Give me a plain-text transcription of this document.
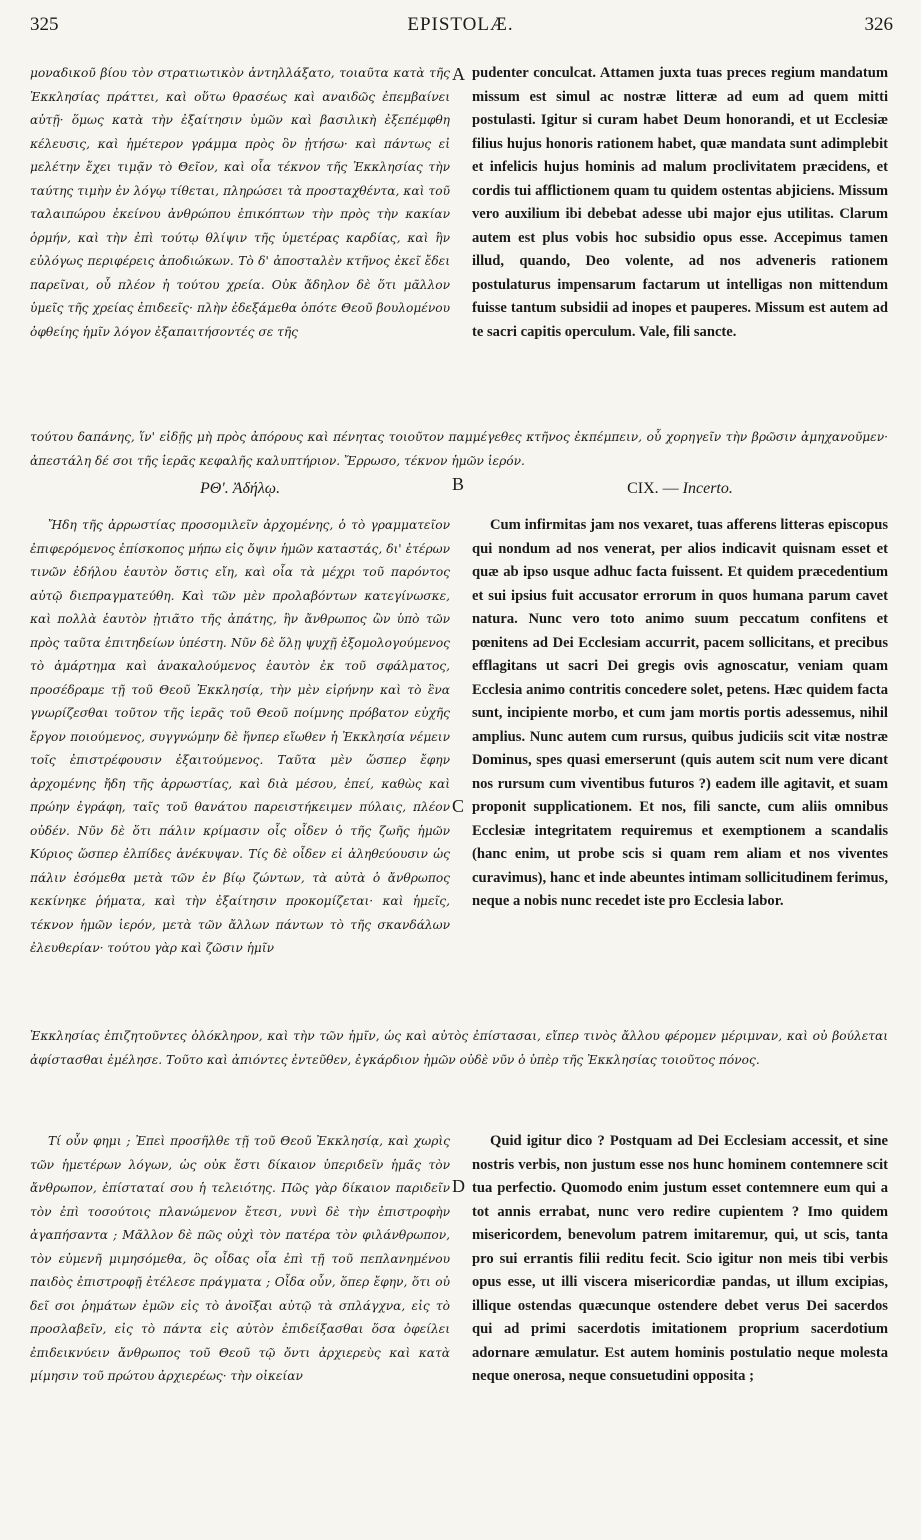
325	EPISTOLÆ.	326

μοναδικοῦ βίου τὸν στρατιωτικὸν ἀντηλλάξατο, τοιαῦτα κατὰ τῆς Ἐκκλησίας πράττει, καὶ οὕτω θρασέως καὶ αναιδῶς ἐπεμβαίνει αὐτῇ· ὅμως κατὰ τὴν ἐξαίτησιν ὑμῶν καὶ βασιλικὴ ἐξεπέμφθη κέλευσις, καὶ ἡμέτερον γράμμα πρὸς ὃν ᾐτήσω· καὶ πάντως εἰ μελέτην ἔχει τιμᾷν τὸ Θεῖον, καὶ οἷα τέκνον τῆς Ἐκκλησίας τὴν ταύτης τιμὴν ἐν λόγῳ τίθεται, πληρώσει τὰ προσταχθέντα, καὶ τοῦ ταλαιπώρου ἐκείνου ἀνθρώπου ἐπικόπτων τὴν πρὸς τὴν κακίαν ὁρμήν, καὶ τὴν ἐπὶ τούτῳ θλίψιν τῆς ὑμετέρας καρδίας, καὶ ἣν εὐλόγως περιφέρεις ἀποδιώκων. Τὸ δ' ἀποσταλὲν κτῆνος ἐκεῖ ἔδει παρεῖναι, οὗ πλέον ἡ τούτου χρεία. Οὐκ ἄδηλον δὲ ὅτι μᾶλλον ὑμεῖς τῆς χρείας ἐπιδεεῖς· πλὴν ἐδεξάμεθα ὁπότε Θεοῦ βουλομένου ὀφθείης ἡμῖν λόγον ἐξαπαιτήσοντές σε τῆς

A pudenter conculcat. Attamen juxta tuas preces regium mandatum missum est simul ac nostræ litteræ ad eum ad quem mitti postulasti. Igitur si curam habet Deum honorandi, et ut Ecclesiæ filius hujus honoris rationem habet, quæ mandata sunt adimplebit et infelicis hujus hominis ad malum proclivitatem præcidens, et cordis tui afflictionem quam tu quidem ostentas abjiciens. Missum vero auxilium ibi debebat adesse ubi major ejus utilitas. Clarum autem est plus vobis hoc subsidio opus esse. Accepimus tamen illud, quando, Deo volente, ad nos adveneris rationem postulaturus impensarum factarum ut intelligas non mittendum fuisse tantum subsidii ad inopes et pauperes. Missum est autem ad te sacri capitis operculum. Vale, fili sancte.

τούτου δαπάνης, ἵν' εἰδῇς μὴ πρὸς ἀπόρους καὶ πένητας τοιοῦτον παμμέγεθες κτῆνος ἐκπέμπειν, οὗ χορηγεῖν τὴν βρῶσιν ἀμηχανοῦμεν· ἀπεστάλη δέ σοι τῆς ἱερᾶς κεφαλῆς καλυπτήριον. Ἔρρωσο, τέκνον ἡμῶν ἱερόν.

ΡΘ'. Ἀδήλῳ.	B	CIX. — Incerto.

Ἤδη τῆς ἀρρωστίας προσομιλεῖν ἀρχομένης, ὁ τὸ γραμματεῖον ἐπιφερόμενος ἐπίσκοπος μήπω εἰς ὄψιν ἡμῶν καταστάς, δι' ἑτέρων τινῶν ἐδήλου ἑαυτὸν ὅστις εἴη, καὶ οἷα τὰ μέχρι τοῦ παρόντος αὐτῷ διεπραγματεύθη. Καὶ τῶν μὲν προλαβόντων κατεγίνωσκε, καὶ πολλὰ ἑαυτὸν ᾐτιᾶτο τῆς ἀπάτης, ἣν ἄνθρωπος ὢν ὑπὸ τῶν πρὸς ταῦτα ἐπιτηδείων ὑπέστη. Νῦν δὲ ὅλῃ ψυχῇ ἐξομολογούμενος τὸ ἁμάρτημα καὶ ἀνακαλούμενος ἑαυτὸν ἐκ τοῦ σφάλματος, προσέδραμε τῇ τοῦ Θεοῦ Ἐκκλησίᾳ, τὴν μὲν εἰρήνην καὶ τὸ ἓνα γνωρίζεσθαι τοῦτον τῆς ἱερᾶς τοῦ Θεοῦ ποίμνης πρόβατον εὐχῆς ἔργον ποιούμενος, συγγνώμην δὲ ἥνπερ εἴωθεν ἡ Ἐκκλησία νέμειν τοῖς ἐπιστρέφουσιν ἐξαιτούμενος. Ταῦτα μὲν ὥσπερ ἔφην ἀρχομένης ἤδη τῆς ἀρρωστίας, καὶ διὰ μέσου, ἐπεί, καθὼς καὶ πρώην ἐγράφη, ταῖς τοῦ θανάτου παρειστήκειμεν πύλαις, πλέον οὐδέν. Νῦν δὲ ὅτι πάλιν κρίμασιν οἷς οἶδεν ὁ τῆς ζωῆς ἡμῶν Κύριος ὥσπερ ἐλπίδες ἀνέκυψαν. Τίς δὲ οἶδεν εἰ ἀληθεύουσιν ὡς πάλιν ἐσόμεθα μετὰ τῶν ἐν βίῳ ζώντων, τὰ αὐτὰ ὁ ἄνθρωπος κεκίνηκε ῥήματα, καὶ τὴν ἐξαίτησιν προκομίζεται· καὶ ἡμεῖς, τέκνον ἡμῶν ἱερόν, μετὰ τῶν ἄλλων πάντων τὸ τῆς σκανδάλων ἐλευθερίαν· τούτου γὰρ καὶ ζῶσιν ἡμῖν

C

Cum infirmitas jam nos vexaret, tuas afferens litteras episcopus qui nondum ad nos venerat, per alios indicavit quisnam esset et quæ ab ipso usque adhuc facta fuissent. Et quidem præcedentium et sui ipsius fuit accusator errorum in quos humana parum cavet natura. Nunc vero toto animo suum peccatum confitens et pœnitens ad Dei Ecclesiam accurrit, pacem sollicitans, et precibus efflagitans ut sacri Dei gregis ovis agnoscatur, veniam quam Ecclesia animo contritis concedere solet, petens. Hæc quidem facta sunt, incipiente morbo, et cum jam mortis portis adessemus, nihil amplius. Nunc autem cum rursus, quibus judiciis scit vitæ nostræ Dominus, spes quasi emerserunt (quis autem scit num vere dicant nos rursum cum viventibus futuros ?) eadem ille agitavit, et suam proponit supplicationem. Et nos, fili sancte, cum aliis omnibus Ecclesiæ integritatem requiremus et exemptionem a scandalis (hanc enim, ut probe scis si quam rem aliam et nos viventes curavimus), hanc et inde abeuntes intimam sollicitudinem ferimus, neque a nobis nunc recedet iste pro Ecclesia labor.

Ἐκκλησίας ἐπιζητοῦντες ὁλόκληρον, καὶ τὴν τῶν ἡμῖν, ὡς καὶ αὐτὸς ἐπίστασαι, εἴπερ τινὸς ἄλλου φέρομεν μέριμναν, καὶ οὐ βούλεται ἀφίστασθαι ἐμέλησε. Τοῦτο καὶ ἀπιόντες ἐντεῦθεν, ἐγκάρδιον ἡμῶν οὐδὲ νῦν ὁ ὑπὲρ τῆς Ἐκκλησίας τοιοῦτος πόνος.

Τί οὖν φημι ; Ἐπεὶ προσῆλθε τῇ τοῦ Θεοῦ Ἐκκλησίᾳ, καὶ χωρὶς τῶν ἡμετέρων λόγων, ὡς οὐκ ἔστι δίκαιον ὑπεριδεῖν ἡμᾶς τὸν ἄνθρωπον, ἐπίσταταί σου ἡ τελειότης. Πῶς γὰρ δίκαιον παριδεῖν τὸν ἐπὶ τοσούτοις πλανώμενον ἔτεσι, νυνὶ δὲ τὴν ἐπιστροφὴν ἀγαπήσαντα ; Μᾶλλον δὲ πῶς οὐχὶ τὸν πατέρα τὸν φιλάνθρωπον, τὸν εὐμενῆ μιμησόμεθα, ὃς οἶδας οἷα ἐπὶ τῇ τοῦ πεπλανημένου παιδὸς ἐπιστροφῇ ἐτέλεσε πράγματα ; Οἶδα οὖν, ὅπερ ἔφην, ὅτι οὐ δεῖ σοι ῥημάτων ἐμῶν εἰς τὸ ἀνοῖξαι αὐτῷ τὰ σπλάγχνα, εἰς τὸ προσλαβεῖν, εἰς τὸ πάντα εἰς αὐτὸν ἐπιδείξασθαι ὅσα ὀφείλει ἐπιδεικνύειν ἄνθρωπος τοῦ Θεοῦ τῷ ὄντι ἀρχιερεὺς καὶ κατὰ μίμησιν τοῦ πρώτου ἀρχιερέως· τὴν οἰκείαν

D

Quid igitur dico ? Postquam ad Dei Ecclesiam accessit, et sine nostris verbis, non justum esse nos hunc hominem contemnere scit tua perfectio. Quomodo enim justum esset contemnere eum qui a tot annis errabat, nunc vero redire cupientem ? Imo quidem misericordem, benevolum patrem imitaremur, qui, ut scis, tanta pro sui errantis filii reditu fecit. Scio igitur non meis tibi verbis opus esse, ut illi viscera misericordiæ pandas, ut illum excipias, illique ostendas quæcunque ostendere debet verus Dei sacerdos qui ad primi sacerdotis imitationem proprium sacerdotium adornare æmulatur. Est autem hominis postulatio neque molesta neque onerosa, neque consuetudini opposita ;
